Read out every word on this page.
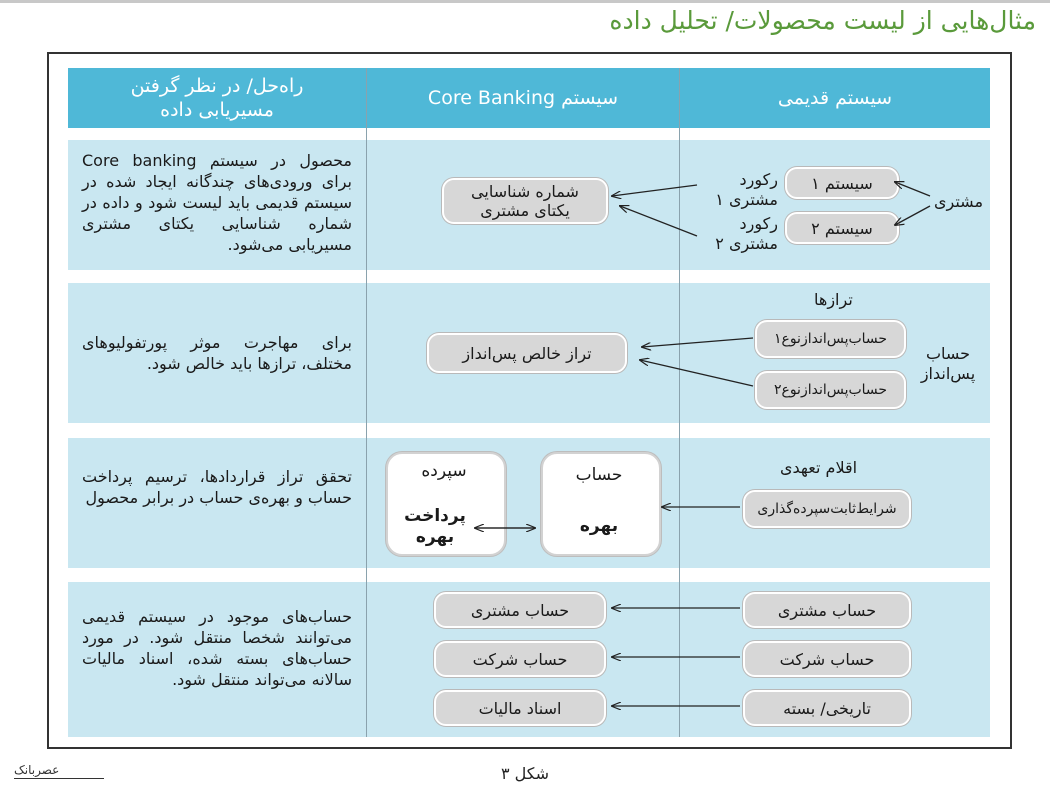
مثال‌هایی از لیست محصولات/ تحلیل داده
سیستم قدیمی
سیستم Core Banking
راه‌حل/ در نظر گرفتن مسیریابی داده
مشتری
سیستم ۱
سیستم ۲
رکورد مشتری ۱
رکورد مشتری ۲
شماره شناسایی یکتای مشتری
محصول در سیستم Core banking برای ورودی‌های چندگانه ایجاد شده در سیستم قدیمی باید لیست شود و داده در شماره شناسایی یکتای مشتری مسیریابی می‌شود.
ترازها
حساب پس‌انداز
حساب‌پس‌انداز‌نوع۱
حساب‌پس‌انداز‌نوع۲
تراز خالص پس‌انداز
برای مهاجرت موثر پورتفولیوهای مختلف، ترازها باید خالص شود.
اقلام تعهدی
شرایط‌ثابت‌سپرده‌گذاری
حساب
بهره
سپرده
پرداخت بهره
تحقق تراز قراردادها، ترسیم پرداخت حساب و بهره‌ی حساب در برابر محصول
حساب مشتری
حساب شرکت
تاریخی/ بسته
حساب مشتری
حساب شرکت
اسناد مالیات
حساب‌های موجود در سیستم قدیمی می‌توانند شخصا منتقل شود. در مورد حساب‌های بسته شده، اسناد مالیات سالانه می‌تواند منتقل شود.
شکل ۳
عصربانک
